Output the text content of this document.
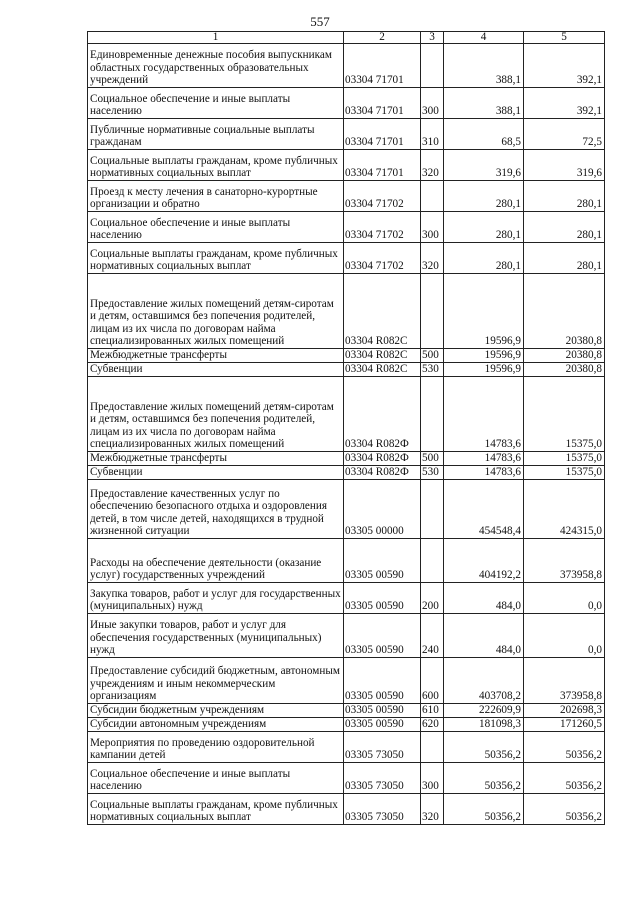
557
1	2	3	4	5
Единовременные денежные пособия выпускникам областных государственных образовательных учреждений	03304 71701		388,1	392,1
Социальное обеспечение и иные выплаты населению	03304 71701	300	388,1	392,1
Публичные нормативные социальные выплаты гражданам	03304 71701	310	68,5	72,5
Социальные выплаты гражданам, кроме публичных нормативных социальных выплат	03304 71701	320	319,6	319,6
Проезд к месту лечения в санаторно-курортные организации и обратно	03304 71702		280,1	280,1
Социальное обеспечение и иные выплаты населению	03304 71702	300	280,1	280,1
Социальные выплаты гражданам, кроме публичных нормативных социальных выплат	03304 71702	320	280,1	280,1
Предоставление жилых помещений детям-сиротам и детям, оставшимся без попечения родителей, лицам из их числа по договорам найма специализированных жилых помещений	03304 R082C		19596,9	20380,8
Межбюджетные трансферты	03304 R082C	500	19596,9	20380,8
Субвенции	03304 R082C	530	19596,9	20380,8
Предоставление жилых помещений детям-сиротам и детям, оставшимся без попечения родителей, лицам из их числа по договорам найма специализированных жилых помещений	03304 R082Ф		14783,6	15375,0
Межбюджетные трансферты	03304 R082Ф	500	14783,6	15375,0
Субвенции	03304 R082Ф	530	14783,6	15375,0
Предоставление качественных услуг по обеспечению безопасного отдыха и оздоровления детей, в том числе детей, находящихся в трудной жизненной ситуации	03305 00000		454548,4	424315,0
Расходы на обеспечение деятельности (оказание услуг) государственных учреждений	03305 00590		404192,2	373958,8
Закупка товаров, работ и услуг для государственных (муниципальных) нужд	03305 00590	200	484,0	0,0
Иные закупки товаров, работ и услуг для обеспечения государственных (муниципальных) нужд	03305 00590	240	484,0	0,0
Предоставление субсидий бюджетным, автономным учреждениям и иным некоммерческим организациям	03305 00590	600	403708,2	373958,8
Субсидии бюджетным учреждениям	03305 00590	610	222609,9	202698,3
Субсидии автономным учреждениям	03305 00590	620	181098,3	171260,5
Мероприятия по проведению оздоровительной кампании детей	03305 73050		50356,2	50356,2
Социальное обеспечение и иные выплаты населению	03305 73050	300	50356,2	50356,2
Социальные выплаты гражданам, кроме публичных нормативных социальных выплат	03305 73050	320	50356,2	50356,2
